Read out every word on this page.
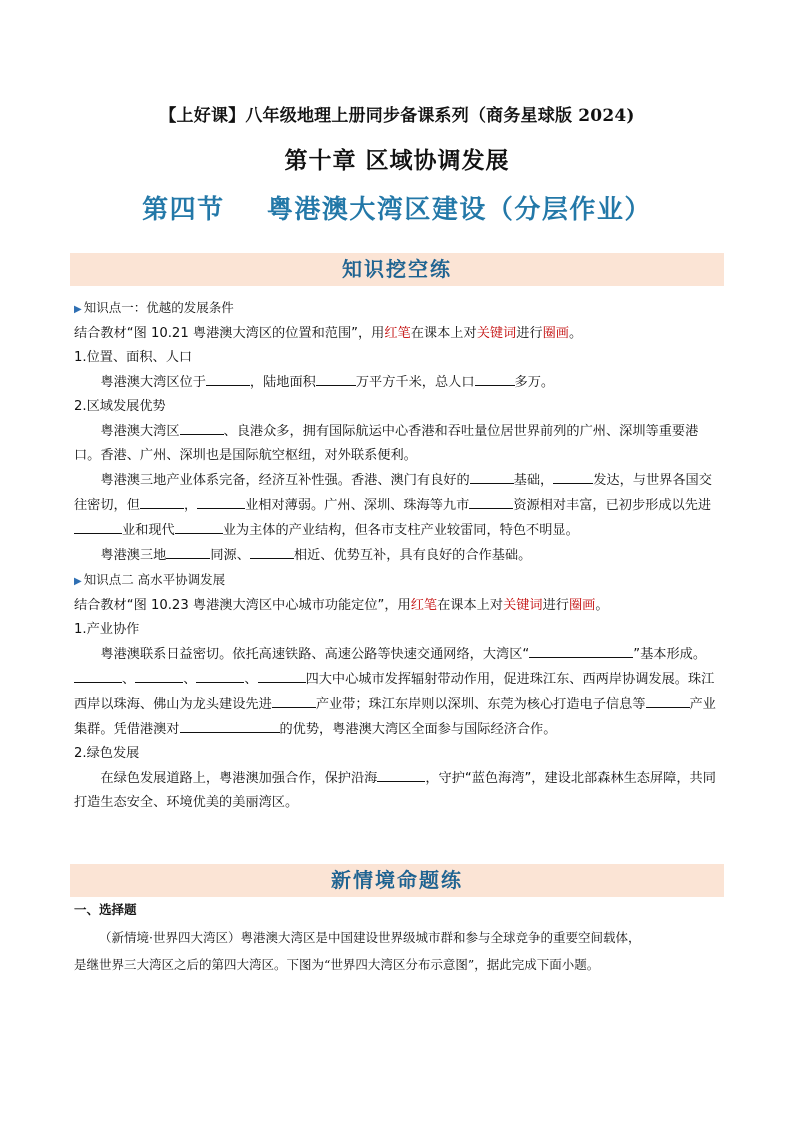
【上好课】八年级地理上册同步备课系列（商务星球版 2024)
第十章 区域协调发展
第四节    粤港澳大湾区建设（分层作业）
知识挖空练

▶ 知识点一：优越的发展条件

结合教材“图 10.21 粤港澳大湾区的位置和范围”，用红笔在课本上对关键词进行圈画。

1.位置、面积、人口

粤港澳大湾区位于	，陆地面积	万平方千米，总人口	多万。

2.区域发展优势

粤港澳大湾区	、良港众多，拥有国际航运中心香港和吞吐量位居世界前列的广州、深圳等重要港口。香港、广州、深圳也是国际航空枢纽，对外联系便利。

粤港澳三地产业体系完备，经济互补性强。香港、澳门有良好的	基础，	发达，与世界各国交往密切，但	，	业相对薄弱。广州、深圳、珠海等九市	资源相对丰富，已初步形成以先进业和现代	业为主体的产业结构，但各市支柱产业较雷同，特色不明显。

粤港澳三地	同源、	相近、优势互补，具有良好的合作基础。

▶ 知识点二 高水平协调发展

结合教材“图 10.23 粤港澳大湾区中心城市功能定位”，用红笔在课本上对关键词进行圈画。

1.产业协作

粤港澳联系日益密切。依托高速铁路、高速公路等快速交通网络，大湾区“	”基本形成。、	、	、	四大中心城市发挥辐射带动作用，促进珠江东、西两岸协调发展。珠江西岸以珠海、佛山为龙头建设先进	产业带；珠江东岸则以深圳、东莞为核心打造电子信息等	产业集群。凭借港澳对	的优势，粤港澳大湾区全面参与国际经济合作。

2.绿色发展

在绿色发展道路上，粤港澳加强合作，保护沿海	，守护“蓝色海湾”，建设北部森林生态屏障，共同打造生态安全、环境优美的美丽湾区。

新情境命题练
一、选择题

（新情境·世界四大湾区）粤港澳大湾区是中国建设世界级城市群和参与全球竞争的重要空间载体，

是继世界三大湾区之后的第四大湾区。下图为“世界四大湾区分布示意图”，据此完成下面小题。
